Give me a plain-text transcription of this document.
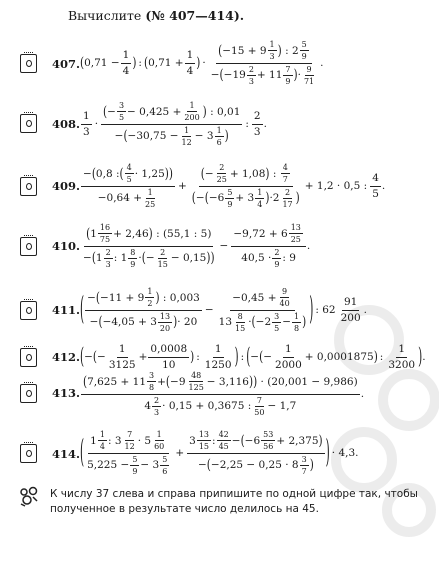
Вычислите (№ 407—414).
407. ( 0,71 −
1
4 ) : ( 0,71 +
1
4 ) ·
( −15 + 9
1
3 ) : 2
5
9
− ( −19
2
3
+ 11
7
9 ) ·
9
71
.
408.
1
3
·
( −
3
5
− 0,425 +
1
200 ) : 0,01
− ( −30,75 −
1
12
− 3
1
6 )
:
2
3
.
409.
− ( 0,8 : ( 4
5
· 1,25 ) )
−0,64 +
1
25
+ ( −
2
25
+ 1,08 ) :
4
7
( − ( −6
5
9
+ 3
1
4 ) ·2
2
17 ) + 1,2 · 0,5 :
4
5
.
410.
( 1
16
75
+ 2,46 ) : (55,1 : 5)
− ( 1
2
3
: 1
8
9
· ( −
2
15
− 0,15 ) )
− −9,72 + 6
13
25
40,5 ·
2
9
: 9 .
411. ( − ( −11 + 9
1
2 ) : 0,003
− ( −4,05 + 3
13
20 ) · 20
− −0,45 +
9
40
13
8
15
· ( −2
3
5
−
1
8 ) ) : 62
91
200
.
412. ( − ( −
1
3125
+
0,0008
10 ) :
1
1250 ) : ( − ( −
1
2000
+ 0,0001875 ) :
1
3200 ) .
413.
( 7,625 + 11
3
8
+ ( −9
48
125
− 3,116 ) ) · (20,001 − 9,986)
4
2
3
· 0,15 + 0,3675 :
7
50
− 1,7
.
414. ( 1
1
4
: 3
7
12
· 5
1
60
5,225 −
5
9
− 3
5
6
+ 3
13
15
:
42
45
− ( −6
53
56
+ 2,375 )
− ( −2,25 − 0,25 · 8
3
7 ) ) · 4,3.
К числу 37 слева и справа припишите по одной цифре так, чтобы полученное в результате число делилось на 45.
